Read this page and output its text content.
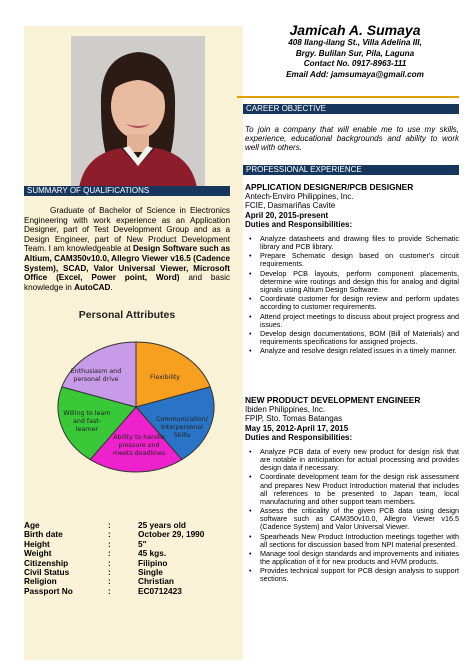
Jamicah A. Sumaya
408 Ilang-ilang St., Villa Adelina III,
Brgy. Bulilan Sur, Pila, Laguna
Contact No. 0917-8963-111
Email Add: jamsumaya@gmail.com
SUMMARY OF QUALIFICATIONS
Graduate of Bachelor of Science in Electronics Engineering with work experience as an Application Designer, part of Test Development Group and as a Design Engineer, part of New Product Development Team. I am knowledgeable at Design Software such as Altium, CAM350v10.0, Allegro Viewer v16.5 (Cadence System), SCAD, Valor Universal Viewer, Microsoft Office (Excel, Power point, Word) and basic knowledge in AutoCAD.
Personal Attributes
Flexibility
Communication/ Interpersonal Skills
Ability to handle pressure and meets deadlines
Willing to learn and fast-learner
Enthusiasm and personal drive
Age	:	25 years old
Birth date	:	October 29, 1990
Height	:	5"
Weight	:	45 kgs.
Citizenship	:	Filipino
Civil Status	:	Single
Religion	:	Christian
Passport No	:	EC0712423
CAREER OBJECTIVE
To join a company that will enable me to use my skills, experience, educational backgrounds and ability to work well with others.
PROFESSIONAL EXPERIENCE
APPLICATION DESIGNER/PCB DESIGNER
Antech-Enviro Philippines, Inc.
FCIE, Dasmariñas Cavite
April 20, 2015-present
Duties and Responsibilities:
• Analyze datasheets and drawing files to provide Schematic library and PCB library.
• Prepare Schematic design based on customer's circuit requirements.
• Develop PCB layouts, perform component placements, determine wire routings and design this for analog and digital signals using Altium Design Software.
• Coordinate customer for design review and perform updates according to customer requirements.
• Attend project meetings to discuss about project progress and issues.
• Develop design documentations, BOM (Bill of Materials) and requirements specifications for assigned projects.
• Analyze and resolve design related issues in a timely manner.
NEW PRODUCT DEVELOPMENT ENGINEER
Ibiden Philippines, Inc.
FPIP, Sto. Tomas Batangas
May 15, 2012-April 17, 2015
Duties and Responsibilities:
• Analyze PCB data of every new product for design risk that are notable in anticipation for actual processing and provides design data if necessary.
• Coordinate development team for the design risk assessment and prepares New Product Introduction material that includes all references to be presented to Japan team, local manufacturing and other support team members.
• Assess the criticality of the given PCB data using design software such as CAM350v10.0, Allegro Viewer v16.5 (Cadence System) and Valor Universal Viewer.
• Spearheads New Product Introduction meetings together with all sections for discussion based from NPI material presented.
• Manage tool design standards and improvements and initiates the application of it for new products and HVM products.
• Provides technical support for PCB design analysis to support sections.
